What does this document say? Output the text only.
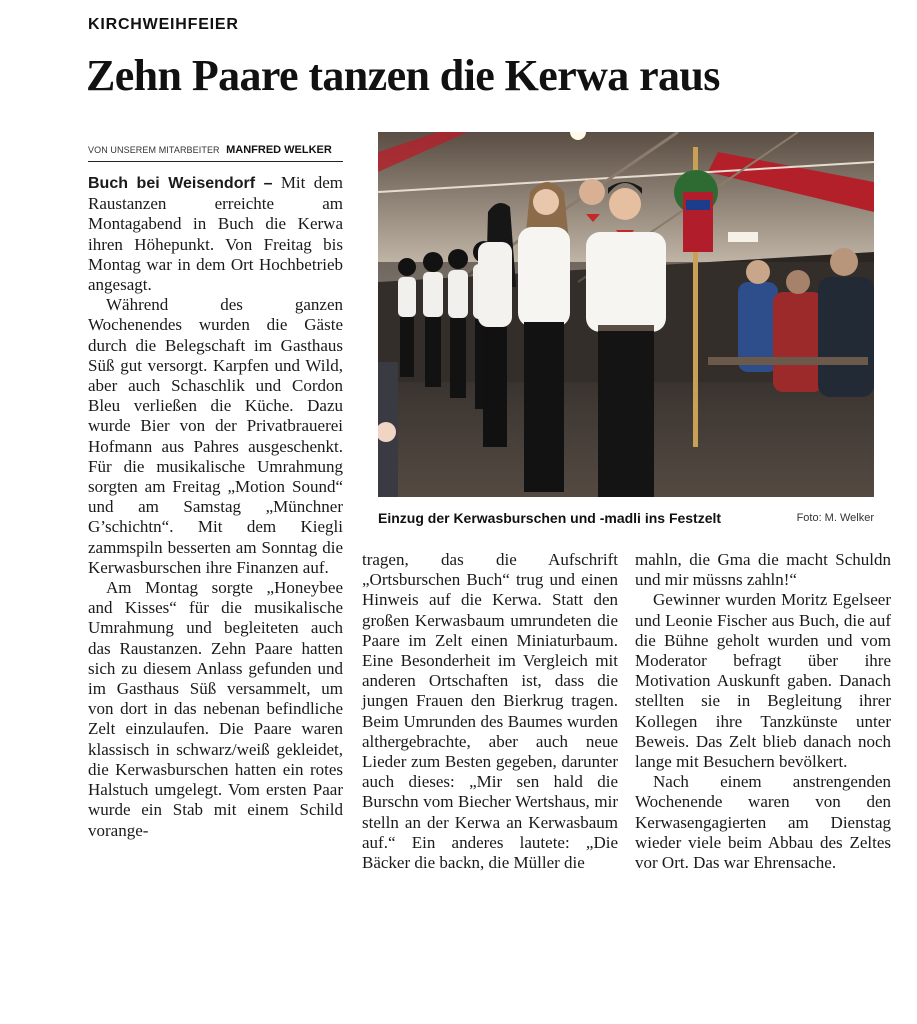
KIRCHWEIHFEIER
Zehn Paare tanzen die Kerwa raus
VON UNSEREM MITARBEITER MANFRED WELKER

Buch bei Weisendorf – Mit dem Raustanzen erreichte am Montagabend in Buch die Kerwa ihren Höhepunkt. Von Freitag bis Montag war in dem Ort Hochbetrieb angesagt.

Während des ganzen Wochenendes wurden die Gäste durch die Belegschaft im Gasthaus Süß gut versorgt. Karpfen und Wild, aber auch Schaschlik und Cordon Bleu verließen die Küche. Dazu wurde Bier von der Privatbrauerei Hofmann aus Pahres ausgeschenkt. Für die musikalische Umrahmung sorgten am Freitag „Motion Sound“ und am Samstag „Münchner G’schichtn“. Mit dem Kiegli zammspiln besserten am Sonntag die Kerwasburschen ihre Finanzen auf.

Am Montag sorgte „Honeybee and Kisses“ für die musikalische Umrahmung und begleiteten auch das Raustanzen. Zehn Paare hatten sich zu diesem Anlass gefunden und im Gasthaus Süß versammelt, um von dort in das nebenan befindliche Zelt einzulaufen. Die Paare waren klassisch in schwarz/weiß gekleidet, die Kerwasburschen hatten ein rotes Halstuch umgelegt. Vom ersten Paar wurde ein Stab mit einem Schild vorange-

Einzug der Kerwasburschen und -madli ins Festzelt	Foto: M. Welker

tragen, das die Aufschrift „Ortsburschen Buch“ trug und einen Hinweis auf die Kerwa. Statt den großen Kerwasbaum umrundeten die Paare im Zelt einen Miniaturbaum. Eine Besonderheit im Vergleich mit anderen Ortschaften ist, dass die jungen Frauen den Bierkrug tragen. Beim Umrunden des Baumes wurden althergebrachte, aber auch neue Lieder zum Besten gegeben, darunter auch dieses: „Mir sen hald die Burschn vom Biecher Wertshaus, mir stelln an der Kerwa an Kerwasbaum auf.“ Ein anderes lautete: „Die Bäcker die backn, die Müller die

mahln, die Gma die macht Schuldn und mir müssns zahln!“

Gewinner wurden Moritz Egelseer und Leonie Fischer aus Buch, die auf die Bühne geholt wurden und vom Moderator befragt über ihre Motivation Auskunft gaben. Danach stellten sie in Begleitung ihrer Kollegen ihre Tanzkünste unter Beweis. Das Zelt blieb danach noch lange mit Besuchern bevölkert.

Nach einem anstrengenden Wochenende waren von den Kerwasengagierten am Dienstag wieder viele beim Abbau des Zeltes vor Ort. Das war Ehrensache.
